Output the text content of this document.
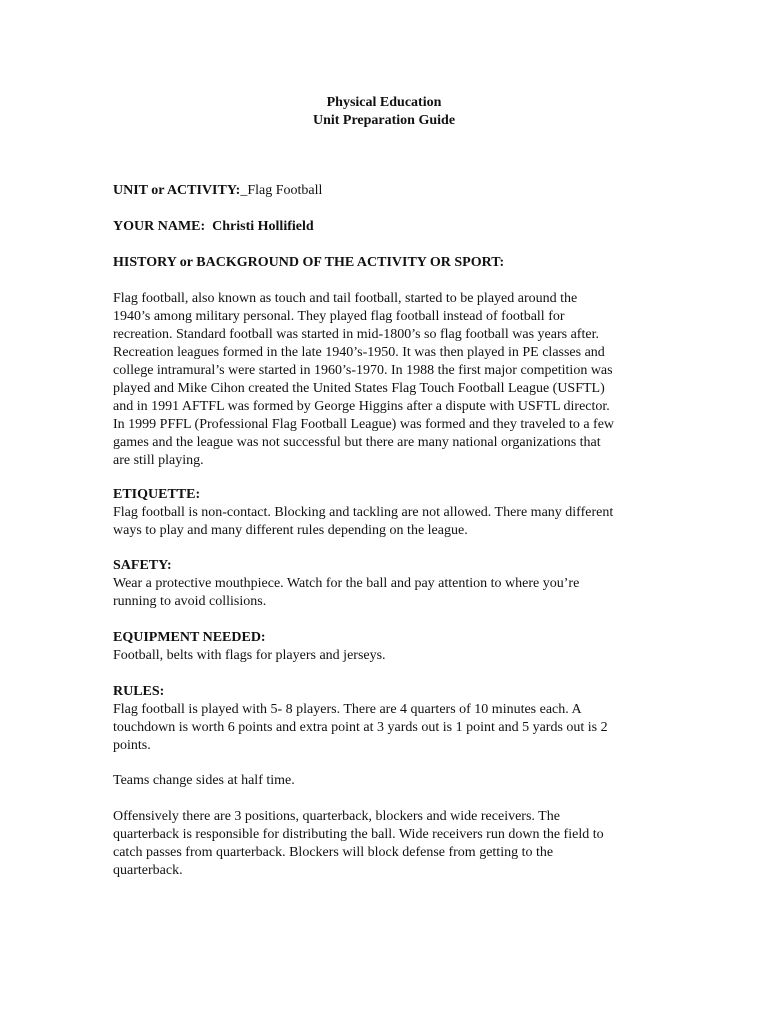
Physical Education
Unit Preparation Guide
UNIT or ACTIVITY:_Flag Football
YOUR NAME: Christi Hollifield
HISTORY or BACKGROUND OF THE ACTIVITY OR SPORT:
Flag football, also known as touch and tail football, started to be played around the
1940’s among military personal. They played flag football instead of football for
recreation. Standard football was started in mid-1800’s so flag football was years after.
Recreation leagues formed in the late 1940’s-1950. It was then played in PE classes and
college intramural’s were started in 1960’s-1970. In 1988 the first major competition was
played and Mike Cihon created the United States Flag Touch Football League (USFTL)
and in 1991 AFTFL was formed by George Higgins after a dispute with USFTL director.
In 1999 PFFL (Professional Flag Football League) was formed and they traveled to a few
games and the league was not successful but there are many national organizations that
are still playing.
ETIQUETTE:
Flag football is non-contact. Blocking and tackling are not allowed. There many different
ways to play and many different rules depending on the league.
SAFETY:
Wear a protective mouthpiece. Watch for the ball and pay attention to where you’re
running to avoid collisions.
EQUIPMENT NEEDED:
Football, belts with flags for players and jerseys.
RULES:
Flag football is played with 5- 8 players. There are 4 quarters of 10 minutes each. A
touchdown is worth 6 points and extra point at 3 yards out is 1 point and 5 yards out is 2
points.
Teams change sides at half time.
Offensively there are 3 positions, quarterback, blockers and wide receivers. The
quarterback is responsible for distributing the ball. Wide receivers run down the field to
catch passes from quarterback. Blockers will block defense from getting to the
quarterback.
